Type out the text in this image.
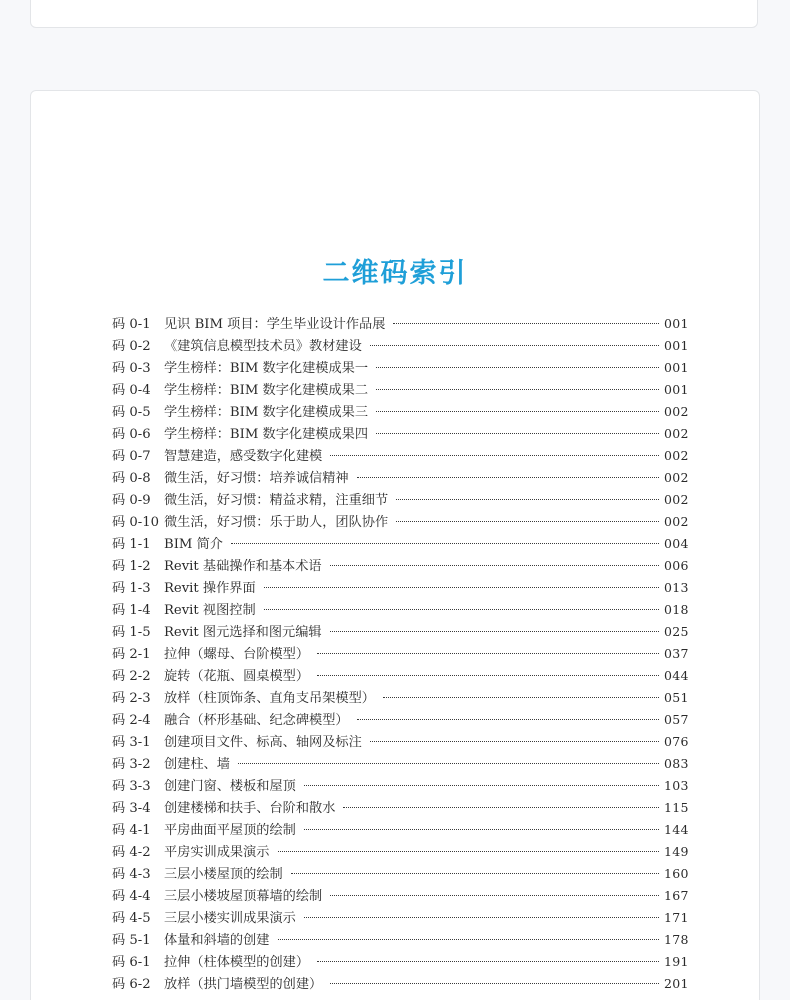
二维码索引
码 0-1	见识 BIM 项目：学生毕业设计作品展	001
码 0-2	《建筑信息模型技术员》教材建设	001
码 0-3	学生榜样：BIM 数字化建模成果一	001
码 0-4	学生榜样：BIM 数字化建模成果二	001
码 0-5	学生榜样：BIM 数字化建模成果三	002
码 0-6	学生榜样：BIM 数字化建模成果四	002
码 0-7	智慧建造，感受数字化建模	002
码 0-8	微生活，好习惯：培养诚信精神	002
码 0-9	微生活，好习惯：精益求精，注重细节	002
码 0-10 微生活，好习惯：乐于助人，团队协作	002
码 1-1	BIM 简介	004
码 1-2	Revit 基础操作和基本术语	006
码 1-3	Revit 操作界面	013
码 1-4	Revit 视图控制	018
码 1-5	Revit 图元选择和图元编辑	025
码 2-1	拉伸（螺母、台阶模型）	037
码 2-2	旋转（花瓶、圆桌模型）	044
码 2-3	放样（柱顶饰条、直角支吊架模型）	051
码 2-4	融合（杯形基础、纪念碑模型）	057
码 3-1	创建项目文件、标高、轴网及标注	076
码 3-2	创建柱、墙	083
码 3-3	创建门窗、楼板和屋顶	103
码 3-4	创建楼梯和扶手、台阶和散水	115
码 4-1	平房曲面平屋顶的绘制	144
码 4-2	平房实训成果演示	149
码 4-3	三层小楼屋顶的绘制	160
码 4-4	三层小楼坡屋顶幕墙的绘制	167
码 4-5	三层小楼实训成果演示	171
码 5-1	体量和斜墙的创建	178
码 6-1	拉伸（柱体模型的创建）	191
码 6-2	放样（拱门墙模型的创建）	201
